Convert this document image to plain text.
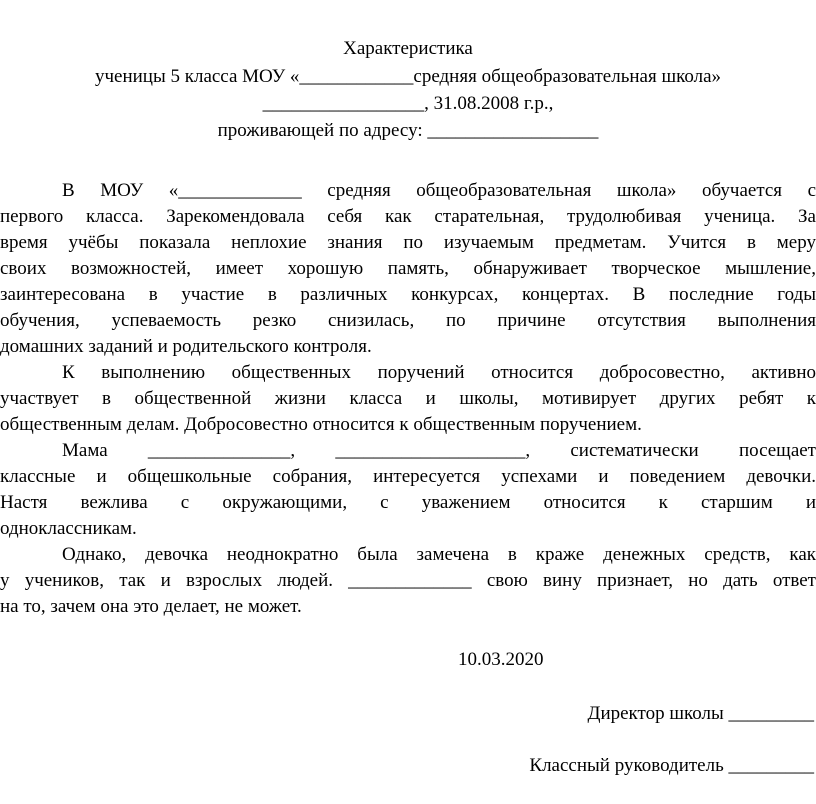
Характеристика
ученицы 5 класса МОУ «____________средняя общеобразовательная школа»
_________________, 31.08.2008 г.р.,
проживающей по адресу: __________________
В МОУ «_____________ средняя общеобразовательная школа» обучается с
первого класса. Зарекомендовала себя как старательная, трудолюбивая ученица. За
время учёбы показала неплохие знания по изучаемым предметам. Учится в меру
своих возможностей, имеет хорошую память, обнаруживает творческое мышление,
заинтересована в участие в различных конкурсах, концертах. В последние годы
обучения, успеваемость резко снизилась, по причине отсутствия выполнения
домашних заданий и родительского контроля.
К выполнению общественных поручений относится добросовестно, активно
участвует в общественной жизни класса и школы, мотивирует других ребят к
общественным делам. Добросовестно относится к общественным поручением.
Мама _______________, ____________________, систематически посещает
классные и общешкольные собрания, интересуется успехами и поведением девочки.
Настя вежлива с окружающими, с уважением относится к старшим и
одноклассникам.
Однако, девочка неоднократно была замечена в краже денежных средств, как
у учеников, так и взрослых людей. _____________ свою вину признает, но дать ответ
на то, зачем она это делает, не может.
10.03.2020
Директор школы _________
Классный руководитель _________
